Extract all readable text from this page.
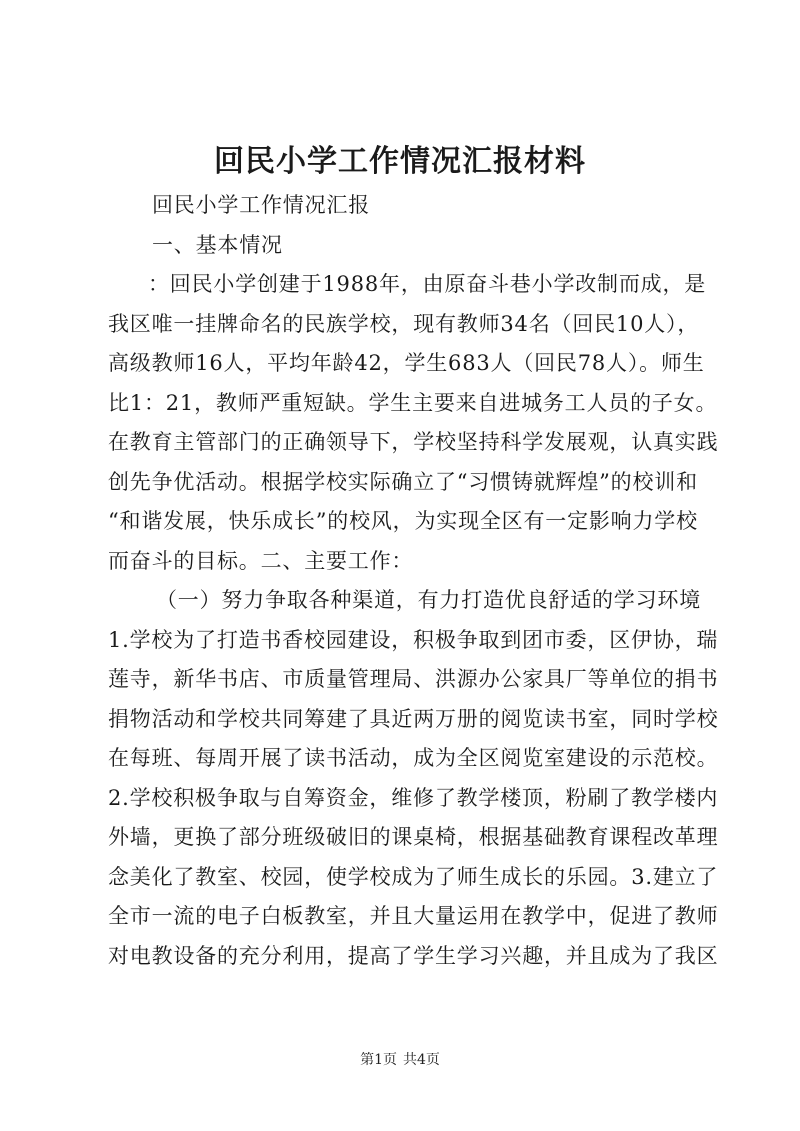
回民小学工作情况汇报材料
回民小学工作情况汇报
一、基本情况
：回民小学创建于1988年，由原奋斗巷小学改制而成，是
我区唯一挂牌命名的民族学校，现有教师34名（回民10人），
高级教师16人，平均年龄42，学生683人（回民78人）。师生
比1：21，教师严重短缺。学生主要来自进城务工人员的子女。
在教育主管部门的正确领导下，学校坚持科学发展观，认真实践
创先争优活动。根据学校实际确立了“习惯铸就辉煌”的校训和
“和谐发展，快乐成长”的校风，为实现全区有一定影响力学校
而奋斗的目标。二、主要工作：
（一）努力争取各种渠道，有力打造优良舒适的学习环境
1.学校为了打造书香校园建设，积极争取到团市委，区伊协，瑞
莲寺，新华书店、市质量管理局、洪源办公家具厂等单位的捐书
捐物活动和学校共同筹建了具近两万册的阅览读书室，同时学校
在每班、每周开展了读书活动，成为全区阅览室建设的示范校。
2.学校积极争取与自筹资金，维修了教学楼顶，粉刷了教学楼内
外墙，更换了部分班级破旧的课桌椅，根据基础教育课程改革理
念美化了教室、校园，使学校成为了师生成长的乐园。3.建立了
全市一流的电子白板教室，并且大量运用在教学中，促进了教师
对电教设备的充分利用，提高了学生学习兴趣，并且成为了我区
第1页 共4页
